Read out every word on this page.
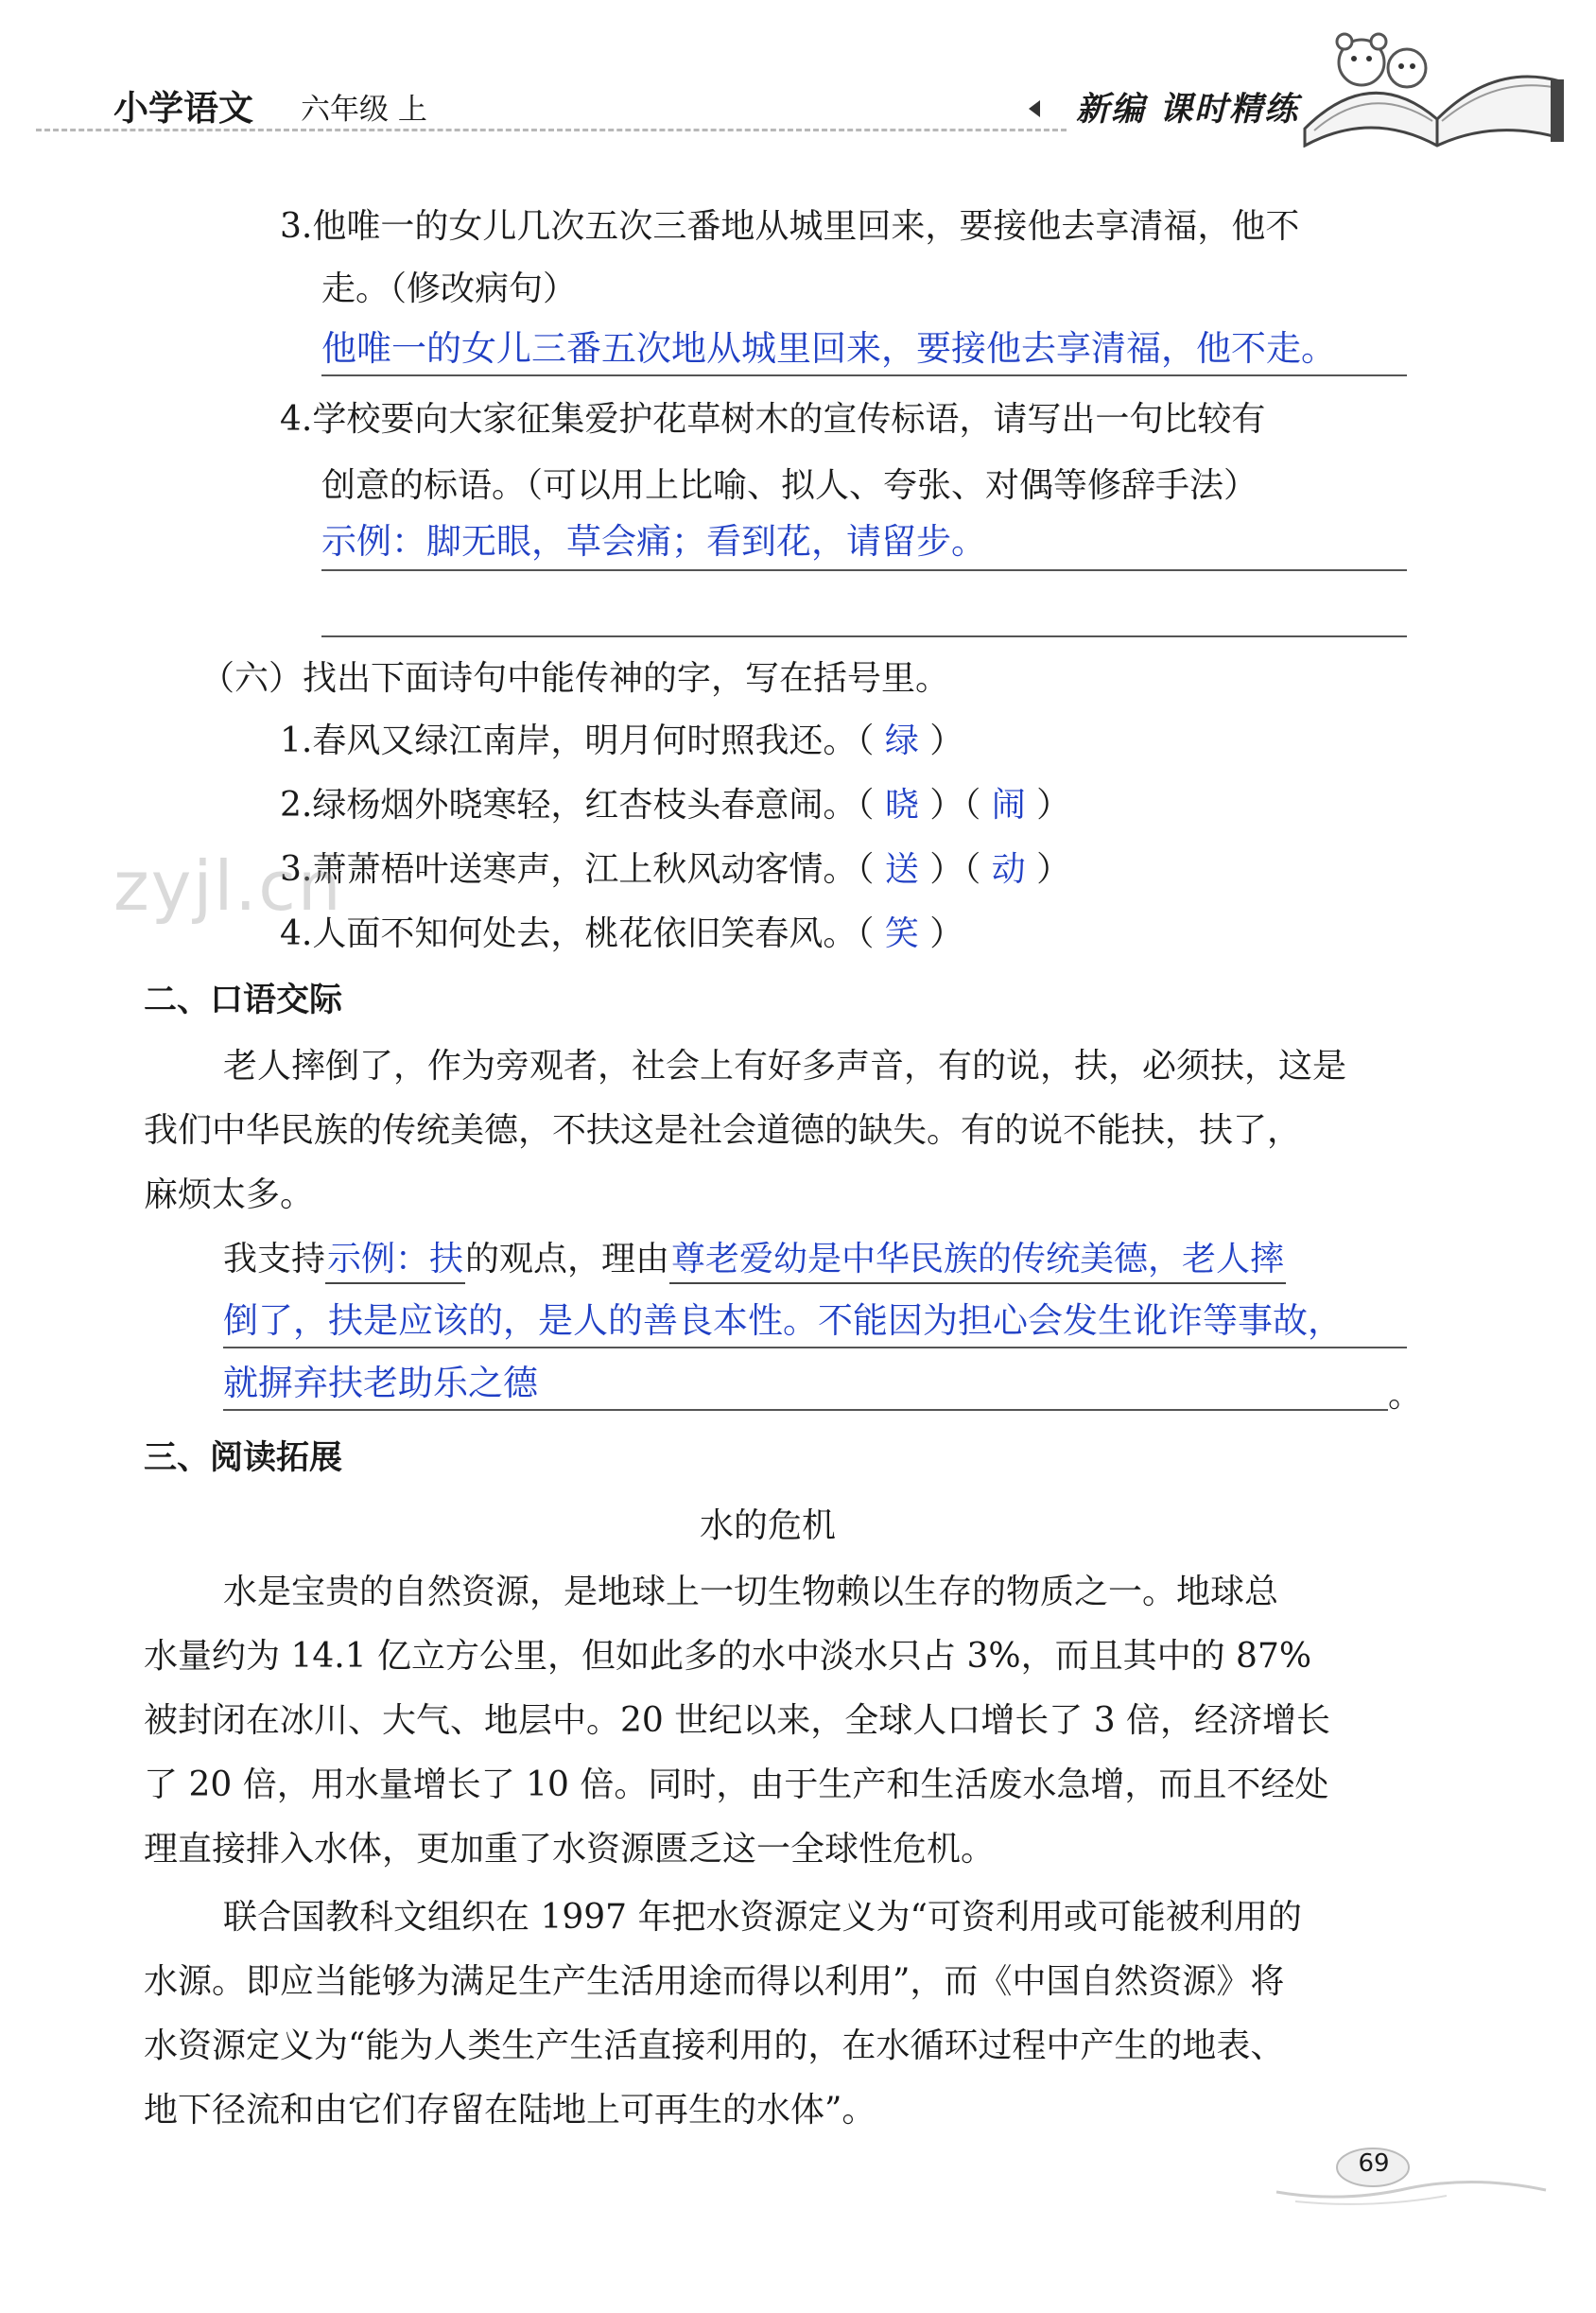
小学语文 六年级 上	新编 课时精练
3.他唯一的女儿几次五次三番地从城里回来，要接他去享清福，他不
走。（修改病句）
他唯一的女儿三番五次地从城里回来，要接他去享清福，他不走。
4.学校要向大家征集爱护花草树木的宣传标语，请写出一句比较有
创意的标语。（可以用上比喻、拟人、夸张、对偶等修辞手法）
示例：脚无眼，草会痛；看到花，请留步。
（六）找出下面诗句中能传神的字，写在括号里。
1.春风又绿江南岸，明月何时照我还。（ 绿 ）
2.绿杨烟外晓寒轻，红杏枝头春意闹。（ 晓 ）（ 闹 ）
3.萧萧梧叶送寒声，江上秋风动客情。（ 送 ）（ 动 ）
4.人面不知何处去，桃花依旧笑春风。（ 笑 ）
zyjl.cn
二、口语交际
老人摔倒了，作为旁观者，社会上有好多声音，有的说，扶，必须扶，这是
我们中华民族的传统美德，不扶这是社会道德的缺失。有的说不能扶，扶了，
麻烦太多。
我支持示例：扶的观点，理由尊老爱幼是中华民族的传统美德，老人摔
倒了，扶是应该的，是人的善良本性。不能因为担心会发生讹诈等事故，
就摒弃扶老助乐之德	。
三、阅读拓展
水的危机
水是宝贵的自然资源，是地球上一切生物赖以生存的物质之一。地球总
水量约为 14.1 亿立方公里，但如此多的水中淡水只占 3%，而且其中的 87%
被封闭在冰川、大气、地层中。20 世纪以来，全球人口增长了 3 倍，经济增长
了 20 倍，用水量增长了 10 倍。同时，由于生产和生活废水急增，而且不经处
理直接排入水体，更加重了水资源匮乏这一全球性危机。
联合国教科文组织在 1997 年把水资源定义为“可资利用或可能被利用的
水源。即应当能够为满足生产生活用途而得以利用”，而《中国自然资源》将
水资源定义为“能为人类生产生活直接利用的，在水循环过程中产生的地表、
地下径流和由它们存留在陆地上可再生的水体”。
69
